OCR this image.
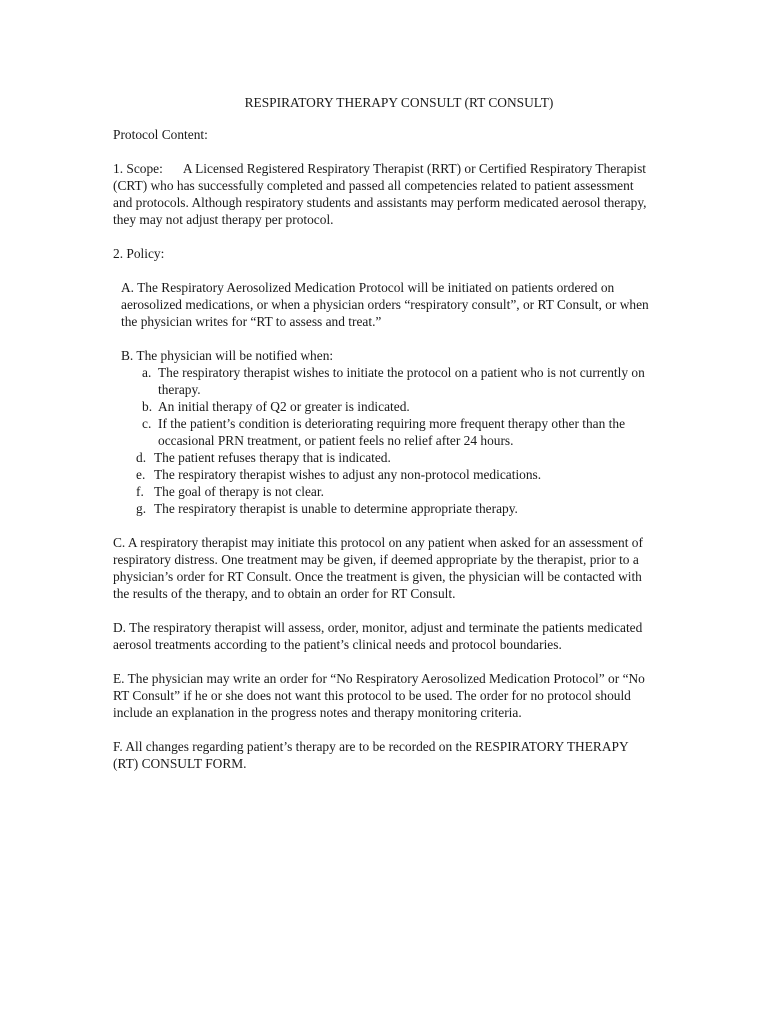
RESPIRATORY THERAPY CONSULT (RT CONSULT)

Protocol Content:

1. Scope: A Licensed Registered Respiratory Therapist (RRT) or Certified Respiratory Therapist (CRT) who has successfully completed and passed all competencies related to patient assessment and protocols. Although respiratory students and assistants may perform medicated aerosol therapy, they may not adjust therapy per protocol.

2. Policy:

A. The Respiratory Aerosolized Medication Protocol will be initiated on patients ordered on aerosolized medications, or when a physician orders “respiratory consult”, or RT Consult, or when the physician writes for “RT to assess and treat.”

B. The physician will be notified when:

a. The respiratory therapist wishes to initiate the protocol on a patient who is not currently on therapy.
b. An initial therapy of Q2 or greater is indicated.
c. If the patient’s condition is deteriorating requiring more frequent therapy other than the occasional PRN treatment, or patient feels no relief after 24 hours.
d. The patient refuses therapy that is indicated.
e. The respiratory therapist wishes to adjust any non-protocol medications.
f. The goal of therapy is not clear.
g. The respiratory therapist is unable to determine appropriate therapy.

C. A respiratory therapist may initiate this protocol on any patient when asked for an assessment of respiratory distress. One treatment may be given, if deemed appropriate by the therapist, prior to a physician’s order for RT Consult. Once the treatment is given, the physician will be contacted with the results of the therapy, and to obtain an order for RT Consult.

D. The respiratory therapist will assess, order, monitor, adjust and terminate the patients medicated aerosol treatments according to the patient’s clinical needs and protocol boundaries.

E. The physician may write an order for “No Respiratory Aerosolized Medication Protocol” or “No RT Consult” if he or she does not want this protocol to be used. The order for no protocol should include an explanation in the progress notes and therapy monitoring criteria.

F. All changes regarding patient’s therapy are to be recorded on the RESPIRATORY THERAPY (RT) CONSULT FORM.
